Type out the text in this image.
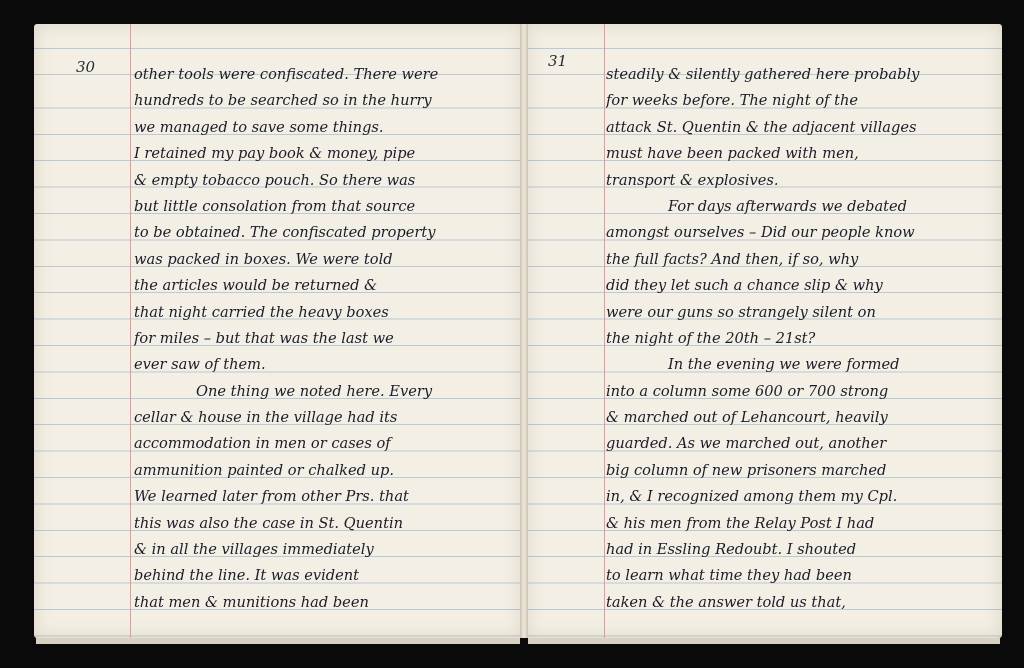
30	other tools were confiscated. There were
hundreds to be searched so in the hurry
we managed to save some things.
I retained my pay book & money, pipe
& empty tobacco pouch. So there was
but little consolation from that source
to be obtained. The confiscated property
was packed in boxes. We were told
the articles would be returned &
that night carried the heavy boxes
for miles – but that was the last we
ever saw of them.
One thing we noted here. Every
cellar & house in the village had its
accommodation in men or cases of
ammunition painted or chalked up.
We learned later from other Prs. that
this was also the case in St. Quentin
& in all the villages immediately
behind the line. It was evident
that men & munitions had been
31
steadily & silently gathered here probably
for weeks before. The night of the
attack St. Quentin & the adjacent villages
must have been packed with men,
transport & explosives.
For days afterwards we debated
amongst ourselves – Did our people know
the full facts? And then, if so, why
did they let such a chance slip & why
were our guns so strangely silent on
the night of the 20th – 21st?
In the evening we were formed
into a column some 600 or 700 strong
& marched out of Lehancourt, heavily
guarded. As we marched out, another
big column of new prisoners marched
in, & I recognized among them my Cpl.
& his men from the Relay Post I had
had in Essling Redoubt. I shouted
to learn what time they had been
taken & the answer told us that,
